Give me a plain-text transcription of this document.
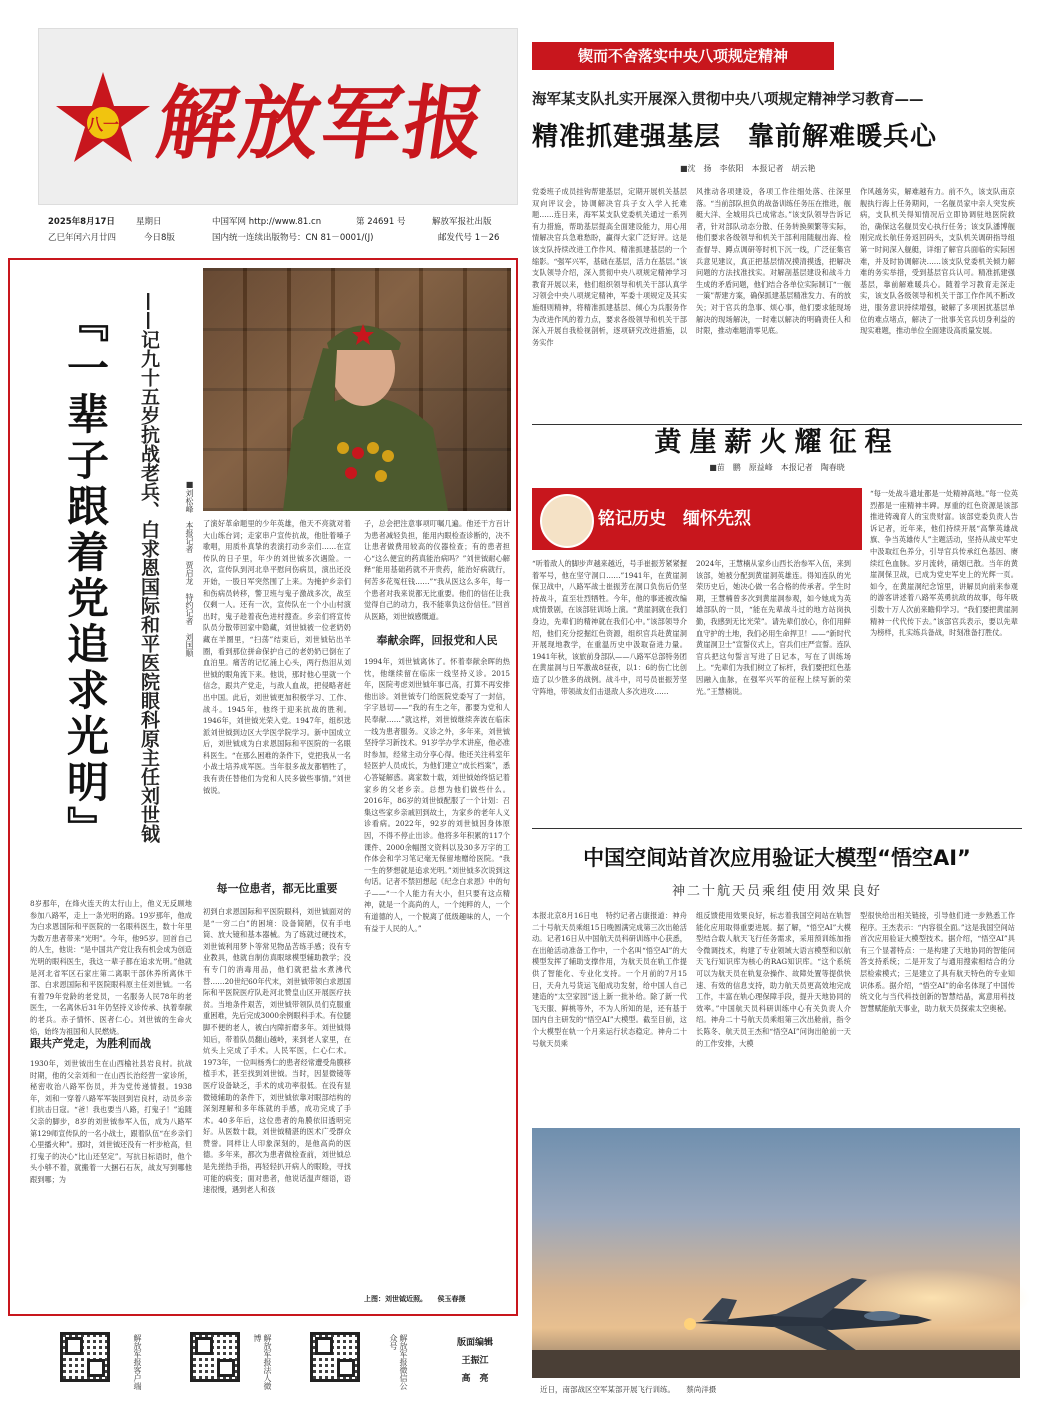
八一 解放军报
2025年8月17日 星期日
乙巳年闰六月廿四	今日8版
中国军网 http://www.81.cn	第 24691 号	解放军报社出版
国内统一连续出版物号：CN 81－0001/(J)	邮发代号 1－26
锲而不舍落实中央八项规定精神
海军某支队扎实开展深入贯彻中央八项规定精神学习教育——
精准抓建强基层　靠前解难暖兵心
■沈　扬　李依阳　本报记者　胡云艳
党委班子成员挂钩帮建基层，定期开展机关基层双向评议会，协调解决官兵子女入学入托难题……连日来，海军某支队党委机关通过一系列有力措施，帮助基层提高全面建设能力，用心用情解决官兵急难愁盼，赢得大家广泛好评。这是该支队持续改进工作作风、精准抓建基层的一个缩影。“强军兴军，基础在基层，活力在基层。”该支队领导介绍，深入贯彻中央八项规定精神学习教育开展以来，他们组织领导和机关干部认真学习领会中央八项规定精神，军委十项规定及其实施细则精神，将精准抓建基层、倾心为兵服务作为改进作风的着力点，要求各级领导和机关干部深入开展自我检视剖析，逐项研究改进措施，以务实作
风推动各项建设，各项工作往细处落、往深里落。“当前部队担负的战备训练任务压在推进，舰艇大洋、全城用兵已成常态。”该支队领导告诉记者，针对部队动态分散、任务转换频繁等实际，他们要求各级领导和机关干部利用随舰出海、检查督导、蹲点调研等时机下沉一线，广泛征集官兵意见建议，真正把基层情况摸清摸透，把解决问题的方法找准找实。对解剖基层建设和战斗力生成的矛盾问题，他们结合各单位实际制订“一舰一策”帮建方案，确保抓建基层精准发力、有的放矢；对于官兵的急事、烦心事，他们要求能现场解决的现场解决，一时难以解决的明确责任人和时限，推动难题清零见底。
作风越务实，解难越有力。前不久，该支队南京舰执行海上任务期间，一名舰员家中亲人突发疾病，支队机关得知情况后立即协调驻地医院救治，确保这名舰员安心执行任务；该支队潘博舰刚完成长航任务返回码头，支队机关调研指导组第一时间深入舰艇，详细了解官兵面临的实际困难，并及时协调解决……该支队党委机关倾力解难的务实举措，受到基层官兵认可。精准抓建强基层，靠前解难暖兵心。随着学习教育走深走实，该支队各级领导和机关干部工作作风不断改进，服务意识持续增强，破解了多项困扰基层单位的难点堵点，解决了一批事关官兵切身利益的现实难题，推动单位全面建设高质量发展。
『一辈子跟着党追求光明』	——记九十五岁抗战老兵、白求恩国际和平医院眼科原主任刘世钺	■刘松峰　本报记者　贾启龙　特约记者　刘国顺
8岁那年，在烽火连天的太行山上，他义无反顾地参加八路军，走上一条光明的路。19岁那年，他成为白求恩国际和平医院的一名眼科医生，数十年里为数万患者带来“光明”。今年，他95岁。回首自己的人生，他说：“是中国共产党让我有机会成为创造光明的眼科医生，我这一辈子都在追求光明。”他就是河北省军区石家庄第二离职干部休养所离休干部、白求恩国际和平医院眼科原主任刘世钺。一名有着79年党龄的老党员，一名服务人民78年的老医生，一名离休后31年仍坚持义诊传承、执着奉献的老兵。赤子情怀、医者仁心。刘世钺的生命火焰，始终为祖国和人民燃烧。
跟共产党走，为胜利而战
1930年，刘世钺出生在山西榆社县岩良村。抗战时期，他的父亲刘和一在山西长治经营一家诊所，秘密收治八路军伤员，并为党传递情报。1938年，刘和一穿着八路军军装回到岩良村，动员乡亲们抗击日寇。“爸！我也要当八路，打鬼子！”追随父亲的脚步，8岁的刘世钺参军入伍，成为八路军第129师宣传队的一名小战士，跟着队伍“在乡亲们心里播火种”。那时，刘世钺还没有一杆步枪高，但打鬼子的决心“比山还坚定”。写抗日标语时，他个头小够不着，就搬着一大捆石石灰，战友写到哪他跟到哪；为
了演好革命题里的少年英雄，他天不亮就对着大山练台词；走家串户宣传抗战，他肚着嗓子歌唱，用质朴真挚的表演打动乡亲们……在宣传队的日子里，年少的刘世钺多次遇险。一次，宣传队到河北阜平慰问伤病员，演出还没开始，一股日军突然围了上来。为掩护乡亲们和伤病员转移，警卫班与鬼子激战多次，战至仅剩一人。还有一次，宣传队在一个小山村演出时，鬼子趁着夜色进村搜查。乡亲们将宣传队员分散带回家中隐藏，刘世钺被一位老奶奶藏在羊圈里，“扫荡”结束后，刘世钺钻出羊圈，看到那位拼命保护自己的老奶奶已倒在了血泊里。痛苦的记忆涌上心头，两行热泪从刘世钺的眼角流下来。他说，那时他心里就一个信念，跟共产党走，与敌人血战，把侵略者赶出中国。此后，刘世钺更加积极学习、工作、战斗。1945年，他终于迎来抗战的胜利。1946年，刘世钺光荣入党。1947年，组织选派刘世钺到边区大学医学院学习。新中国成立后，刘世钺成为白求恩国际和平医院的一名眼科医生。“在那么困难的条件下，党把我从一名小战士培养成军医。当年很多战友都牺牲了，我有责任替他们为党和人民多做些事情。”刘世钺说。
每一位患者，都无比重要
初到白求恩国际和平医院眼科，刘世钺面对的是“一穷二白”的困境：设备简陋，仅有手电筒、放大镜和基本器械。为了练就过硬技术，刘世钺利用梦卜等常见物品苦练手感；没有专业教具，他就自制仿真眼球模型辅助教学；没有专门的消毒用品，他们就把盐水煮沸代替……20世纪60年代末，刘世钺带领白求恩国际和平医院医疗队赴河北赞皇山区开展医疗扶贫。当地条件艰苦，刘世钺带领队员们克服重重困难，先后完成3000余例眼科手术。有位腿脚不便的老人，被白内障折磨多年。刘世钺得知后，带着队员翻山越岭，来到老人家里，在炕头上完成了手术。人民军医，仁心仁术。1973年，一位叫杨秀仁的患者经常遭受角膜移植手术，甚至找到刘世钺。当时，因显微镜等医疗设备缺乏，手术的成功率很低。在没有显微镜辅助的条件下，刘世钺依靠对眼部结构的深刻理解和多年练就的手感，成功完成了手术。40多年后，这位患者的角膜依旧透明完好。从医数十载，刘世钺精湛的医术广受群众赞誉。同样让人印象深刻的，是他高尚的医德。多年来，都次为患者做检查前，刘世钺总是先搓热手指，再轻轻扒开病人的眼睑，寻找可能的病变；面对患者，他说话温声细语，语速很慢，遇到老人和孩
子，总会把注意事项叮嘱几遍。他还干方百计为患者减轻负担，能用内眼检查诊断的，决不让患者做费用较高的仪器检查；有的患者担心“这么便宜的药真能治病吗？”刘世钺耐心解释“能用基础药就不开贵药，能治好病就行，何苦多花冤枉钱……”“我从医这么多年，每一个患者对我来说都无比重要。他们的信任让我觉得自己的动力，我不能辜负这份信任。”回首从医路，刘世钺感慨道。
奉献余晖，回报党和人民
1994年，刘世钺离休了。怀着奉献余晖的热忱，他继续留在临床一线坚持义诊。2015年，医院考虑刘世钺年事已高，打算不再安排他出诊。刘世钺专门给医院党委写了一封信，字字恳切——“我的有生之年，都要为党和人民奉献……”就这样，刘世钺继续奔波在临床一线为患者服务。义诊之外，多年来，刘世钺坚持学习新技术。91岁学办学术讲座，他必准时参加，经常主动分享心得。他还关注科室年轻医护人员成长，为他们建立“成长档案”，悉心答疑解惑。离家数十载，刘世钺始终惦记着家乡的父老乡亲。总想为他们做些什么。2016年，86岁的刘世钺配服了一个计划：召集这些家乡亲戚回到故土，为家乡的老年人义诊看病。2022年，92岁的刘世钺因身体原因，不得不停止出诊。他将多年积累的117个课件、2000余幅图文资料以及30多万字的工作体会和学习笔记毫无保留地赠给医院。“我一生的梦想就是追求光明。”刘世钺多次说到这句话。记者不禁回想起《纪念白求恩》中的句子——“一个人能力有大小，但只要有这点精神，就是一个高尚的人，一个纯粹的人，一个有道德的人，一个脱离了低级趣味的人，一个有益于人民的人。”
上图：刘世钺近照。　　侯玉春摄
黄崖薪火耀征程
■苗　鹏　原益峰　本报记者　陶春晓
铭记历史　缅怀先烈
“听着敌人的脚步声越来越近，号手崔振芳紧紧握着军号，他在坚守洞口……”1941年，在黄崖洞保卫战中，八路军战士崔振芳在洞口负伤后仍坚持战斗，直至壮烈牺牲。今年，他的事迹被改编成情景剧，在该部驻训场上演。“黄崖洞就在我们身边，先辈们的精神就在我们心中。”该部领导介绍，他们充分挖掘红色资源，组织官兵赴黄崖洞开展现地教学，在重温历史中汲取奋进力量。1941年秋，该旅前身部队——八路军总部特务团在黄崖洞与日军激战8昼夜，以1：6的伤亡比创造了以少胜多的战例。战斗中，司号员崔振芳坚守阵地，带领战友们击退敌人多次进攻……
2024年，王慧楠从家乡山西长治参军入伍，来到该部，她被分配到黄崖洞英雄连。得知连队的光荣历史后，她决心做一名合格的传承者。学生时期，王慧楠曾多次到黄崖洞参观，如今她成为英雄部队的一员，“能在先辈战斗过的地方站岗执勤，我感到无比光荣”。请先辈们放心，你们用鲜血守护的土地，我们必用生命捍卫！——“新时代黄崖洞卫士”宣誓仪式上，官兵们庄严宣誓。连队官兵把这句誓言写进了日记本，写在了训练场上。“先辈们为我们树立了标杆，我们要把红色基因融入血脉，在强军兴军的征程上续写新的荣光。”王慧楠说。
“每一处战斗遗址都是一处精神高地。”每一位英烈都是一座精神丰碑。厚重的红色资源是该部推进铸魂育人的宝贵财富。该部党委负责人告诉记者，近年来，他们持续开展“高擎英雄战旗、争当英雄传人”主题活动，坚持从战史军史中汲取红色养分，引导官兵传承红色基因、赓续红色血脉。岁月流转，硝烟已散。当年的黄崖洞保卫战，已成为党史军史上的光辉一页。如今，在黄崖洞纪念馆里，讲解员向前来参观的游客讲述着八路军英勇抗敌的故事，每年吸引数十万人次前来瞻仰学习。“我们要把黄崖洞精神一代代传下去。”该部官兵表示，要以先辈为榜样，扎实练兵备战，时刻准备打胜仗。
中国空间站首次应用验证大模型“悟空AI”
神二十航天员乘组使用效果良好
本报北京8月16日电　特约记者占康报道：神舟二十号航天员乘组15日晚圆满完成第三次出舱活动。记者16日从中国航天员科研训练中心获悉，在出舱活动准备工作中，一个名叫“悟空AI”的大模型发挥了辅助支撑作用，为航天员在轨工作提供了智能化、专业化支持。一个月前的7月15日，天舟九号货运飞船成功发射，给中国人自己建造的“太空家园”送上新一批补给。除了新一代飞天服、鲜桃等外，不为人所知的是，还有基于国内自主研发的“悟空AI”大模型。截至目前，这个大模型在轨一个月来运行状态稳定。神舟二十号航天员乘
组反馈使用效果良好，标志着我国空间站在轨智能化应用取得重要进展。据了解，“悟空AI”大模型结合载人航天飞行任务需求，采用预训练加指令微调技术，构建了专业领域大语言模型和以航天飞行知识库为核心的RAG知识库。“这个系统可以为航天员在轨复杂操作、故障处置等提供快速、有效的信息支持，助力航天员更高效地完成工作，丰富在轨心理保障手段，提升天地协同的效率。”中国航天员科研训练中心有关负责人介绍。神舟二十号航天员乘组第三次出舱前，指令长陈冬、航天员王杰和“悟空AI”问询出舱前一天的工作安排，大模
型很快给出相关链接，引导他们进一步熟悉工作程序。王杰表示：“内容很全面。”这是我国空间站首次应用验证大模型技术。据介绍，“悟空AI”具有三个显著特点：一是构建了天地协同的智能问答支持系统；二是开发了与通用搜索相结合的分层检索模式；三是建立了具有航天特色的专业知识体系。据介绍，“悟空AI”的命名体现了中国传统文化与当代科技创新的智慧结晶，寓意用科技智慧赋能航天事业，助力航天员探索太空奥秘。
近日，南部战区空军某部开展飞行训练。　　蔡尚洋摄
解放军报客户端	解放军报法人微博	解放军报微信公众号	版面编辑
王振江
高　亮
